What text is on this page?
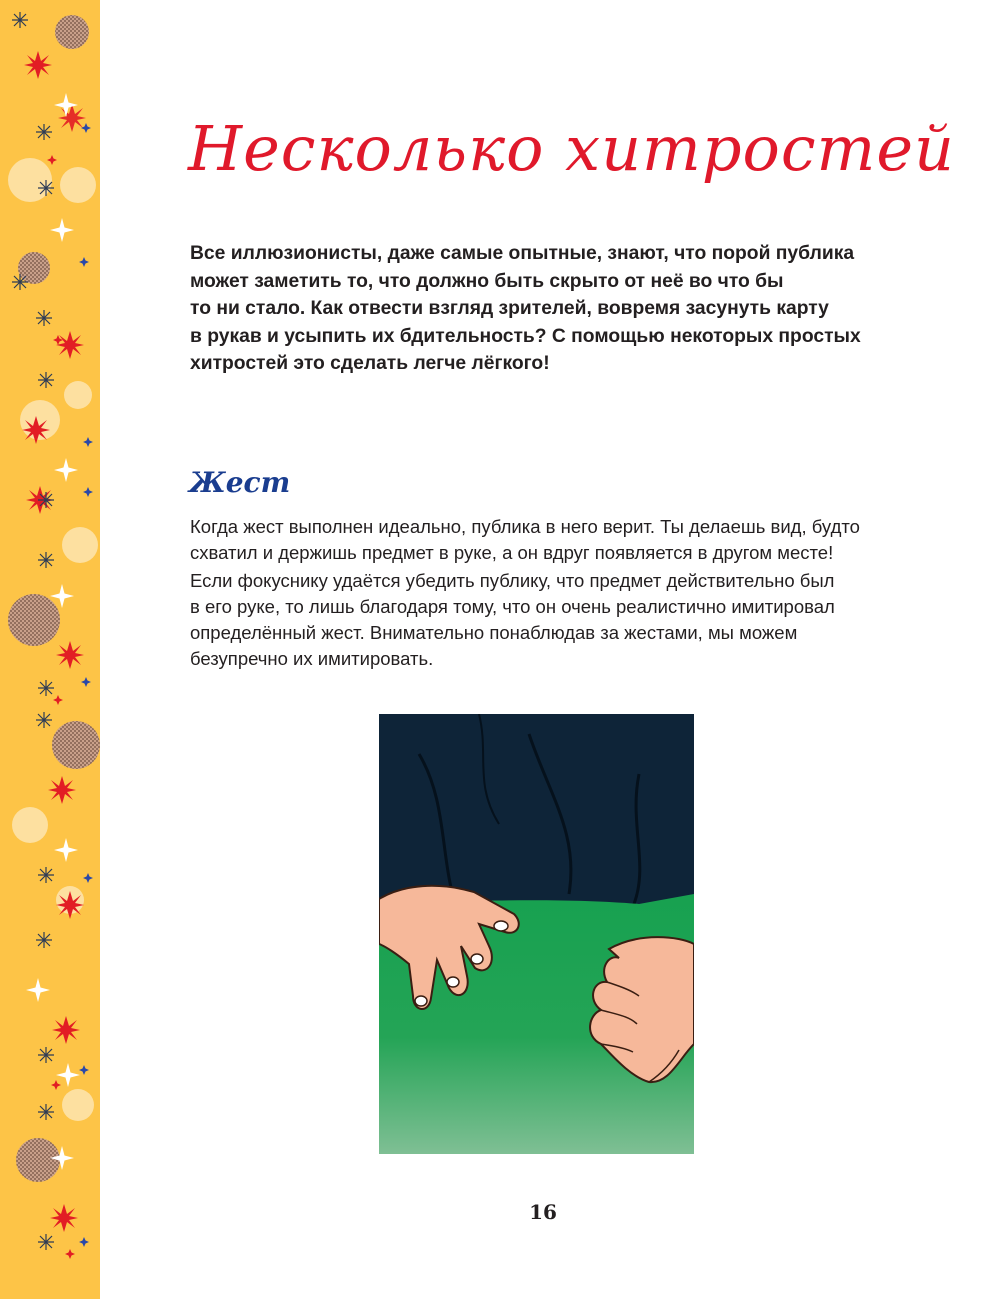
Несколько хитростей

Все иллюзионисты, даже самые опытные, знают, что порой публика
может заметить то, что должно быть скрыто от неё во что бы
то ни стало. Как отвести взгляд зрителей, вовремя засунуть карту
в рукав и усыпить их бдительность? С помощью некоторых простых
хитростей это сделать легче лёгкого!

Жест

Когда жест выполнен идеально, публика в него верит. Ты делаешь вид, будто
схватил и держишь предмет в руке, а он вдруг появляется в другом месте!

Если фокуснику удаётся убедить публику, что предмет действительно был
в его руке, то лишь благодаря тому, что он очень реалистично имитировал
определённый жест. Внимательно понаблюдав за жестами, мы можем
безупречно их имитировать.

16
